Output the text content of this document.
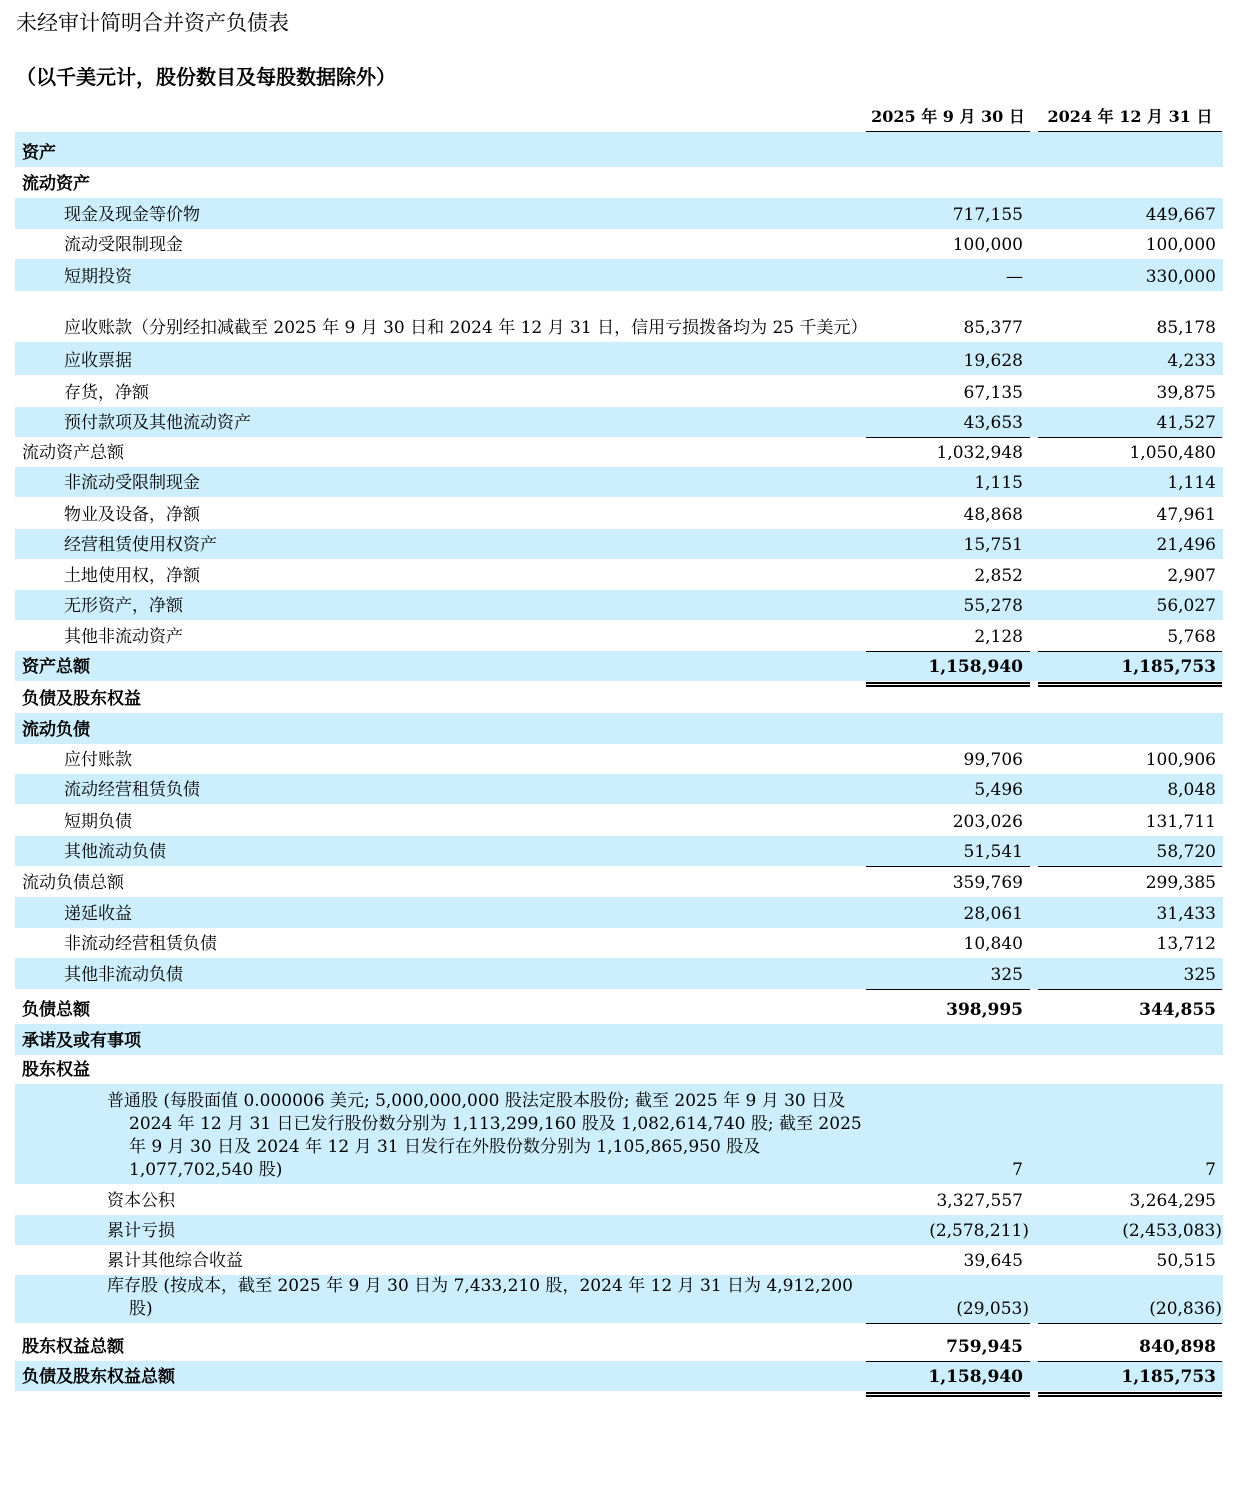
未经审计简明合并资产负债表
（以千美元计，股份数目及每股数据除外）
2025 年 9 月 30 日	2024 年 12 月 31 日
资产
流动资产
现金及现金等价物	717,155	449,667
流动受限制现金	100,000	100,000
短期投资	—	330,000
应收账款（分别经扣减截至 2025 年 9 月 30 日和 2024 年 12 月 31 日，信用亏损拨备均为 25 千美元）	85,377	85,178
应收票据	19,628	4,233
存货，净额	67,135	39,875
预付款项及其他流动资产	43,653	41,527
流动资产总额	1,032,948	1,050,480
非流动受限制现金	1,115	1,114
物业及设备，净额	48,868	47,961
经营租赁使用权资产	15,751	21,496
土地使用权，净额	2,852	2,907
无形资产，净额	55,278	56,027
其他非流动资产	2,128	5,768
资产总额	1,158,940	1,185,753
负债及股东权益
流动负债
应付账款	99,706	100,906
流动经营租赁负债	5,496	8,048
短期负债	203,026	131,711
其他流动负债	51,541	58,720
流动负债总额	359,769	299,385
递延收益	28,061	31,433
非流动经营租赁负债	10,840	13,712
其他非流动负债	325	325
负债总额	398,995	344,855
承诺及或有事项
股东权益
普通股 (每股面值 0.000006 美元; 5,000,000,000 股法定股本股份; 截至 2025 年 9 月 30 日及 2024 年 12 月 31 日已发行股份数分别为 1,113,299,160 股及 1,082,614,740 股; 截至 2025 年 9 月 30 日及 2024 年 12 月 31 日发行在外股份数分别为 1,105,865,950 股及 1,077,702,540 股)	7	7
资本公积	3,327,557	3,264,295
累计亏损	(2,578,211)	(2,453,083)
累计其他综合收益	39,645	50,515
库存股 (按成本，截至 2025 年 9 月 30 日为 7,433,210 股，2024 年 12 月 31 日为 4,912,200 股)	(29,053)	(20,836)
股东权益总额	759,945	840,898
负债及股东权益总额	1,158,940	1,185,753
